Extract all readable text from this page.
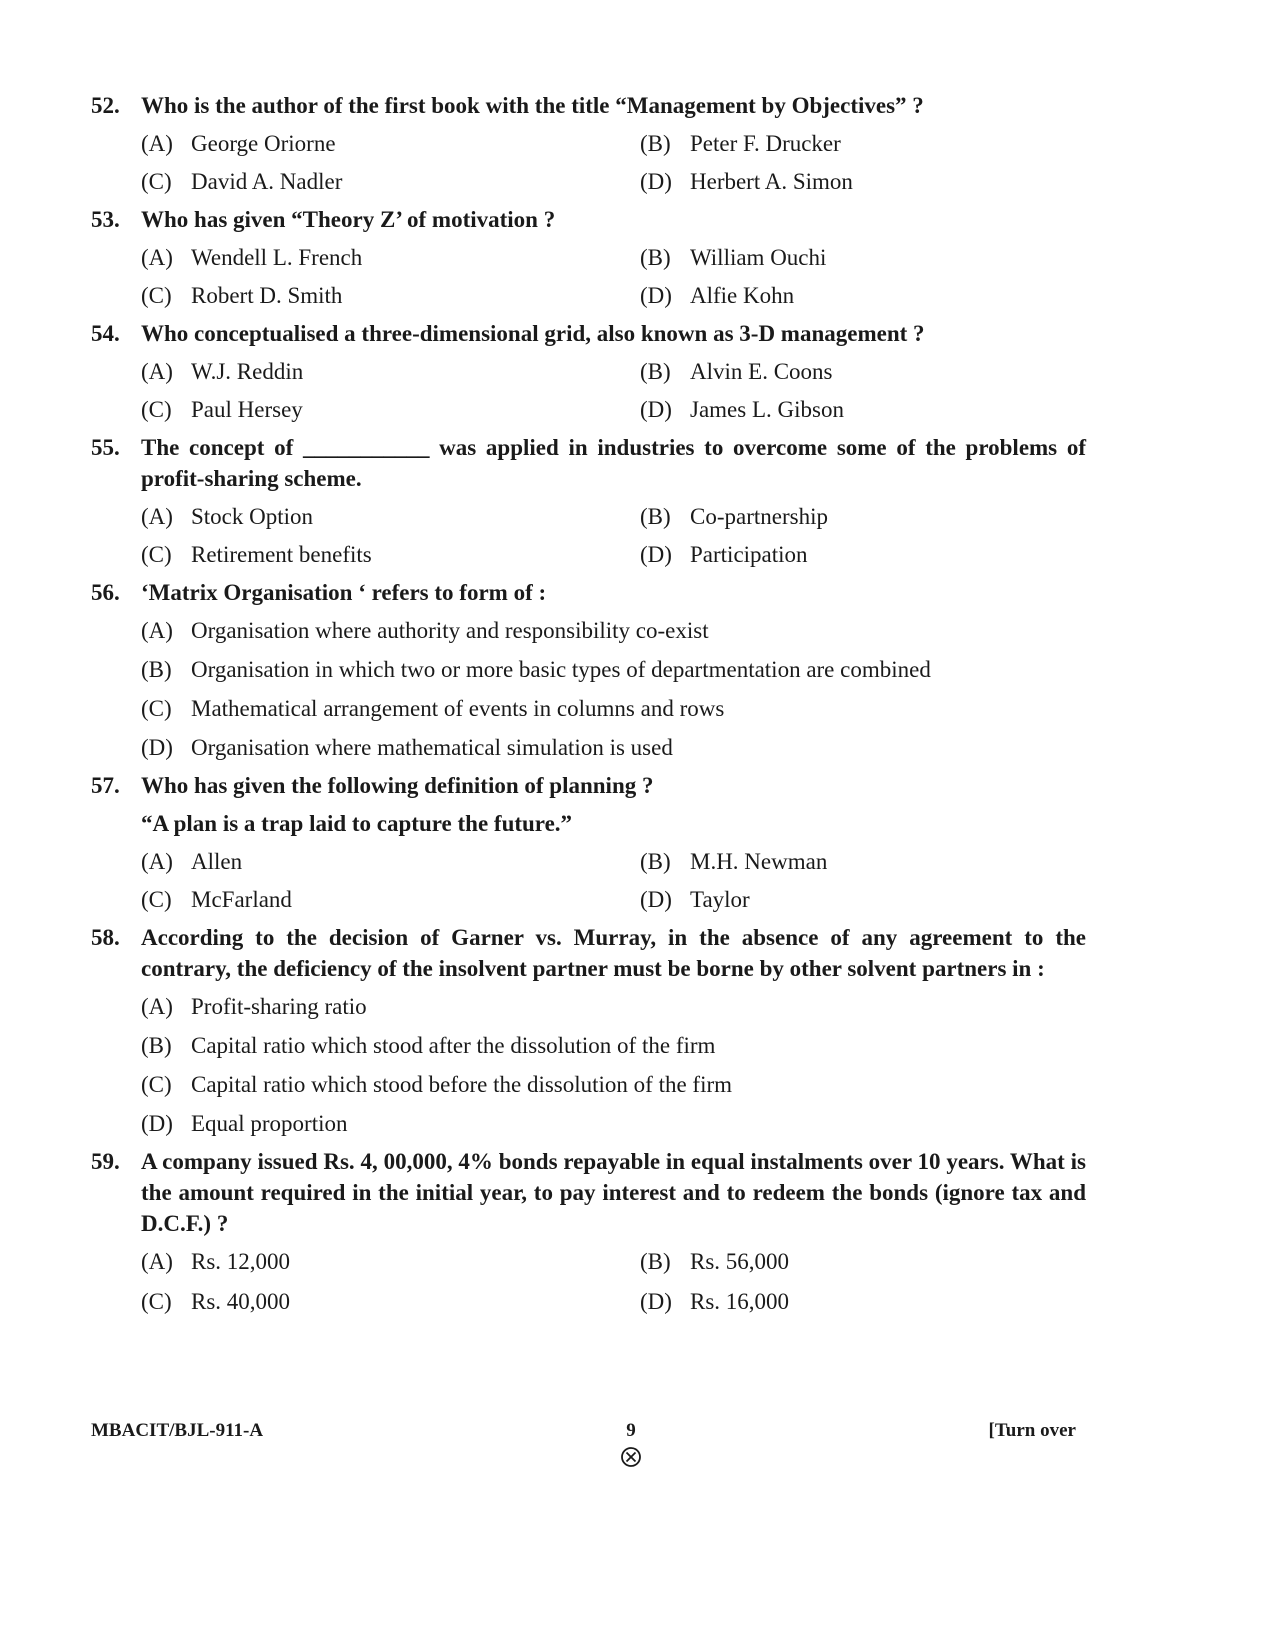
52. Who is the author of the first book with the title “Management by Objectives” ?
(A) George Oriorne	(B) Peter F. Drucker
(C) David A. Nadler	(D) Herbert A. Simon
53. Who has given “Theory Z’ of motivation ?
(A) Wendell L. French	(B) William Ouchi
(C) Robert D. Smith	(D) Alfie Kohn
54. Who conceptualised a three-dimensional grid, also known as 3-D management ?
(A) W.J. Reddin	(B) Alvin E. Coons
(C) Paul Hersey	(D) James L. Gibson
55. The concept of ___________ was applied in industries to overcome some of the problems of profit-sharing scheme.
(A) Stock Option	(B) Co-partnership
(C) Retirement benefits	(D) Participation
56. ‘Matrix Organisation ‘ refers to form of :
(A) Organisation where authority and responsibility co-exist
(B) Organisation in which two or more basic types of departmentation are combined
(C) Mathematical arrangement of events in columns and rows
(D) Organisation where mathematical simulation is used
57. Who has given the following definition of planning ?
“A plan is a trap laid to capture the future.”
(A) Allen	(B) M.H. Newman
(C) McFarland	(D) Taylor
58. According to the decision of Garner vs. Murray, in the absence of any agreement to the contrary, the deficiency of the insolvent partner must be borne by other solvent partners in :
(A) Profit-sharing ratio
(B) Capital ratio which stood after the dissolution of the firm
(C) Capital ratio which stood before the dissolution of the firm
(D) Equal proportion
59. A company issued Rs. 4, 00,000, 4% bonds repayable in equal instalments over 10 years. What is the amount required in the initial year, to pay interest and to redeem the bonds (ignore tax and D.C.F.) ?
(A) Rs. 12,000	(B) Rs. 56,000
(C) Rs. 40,000	(D) Rs. 16,000
MBACIT/BJL-911-A	9	[Turn over
